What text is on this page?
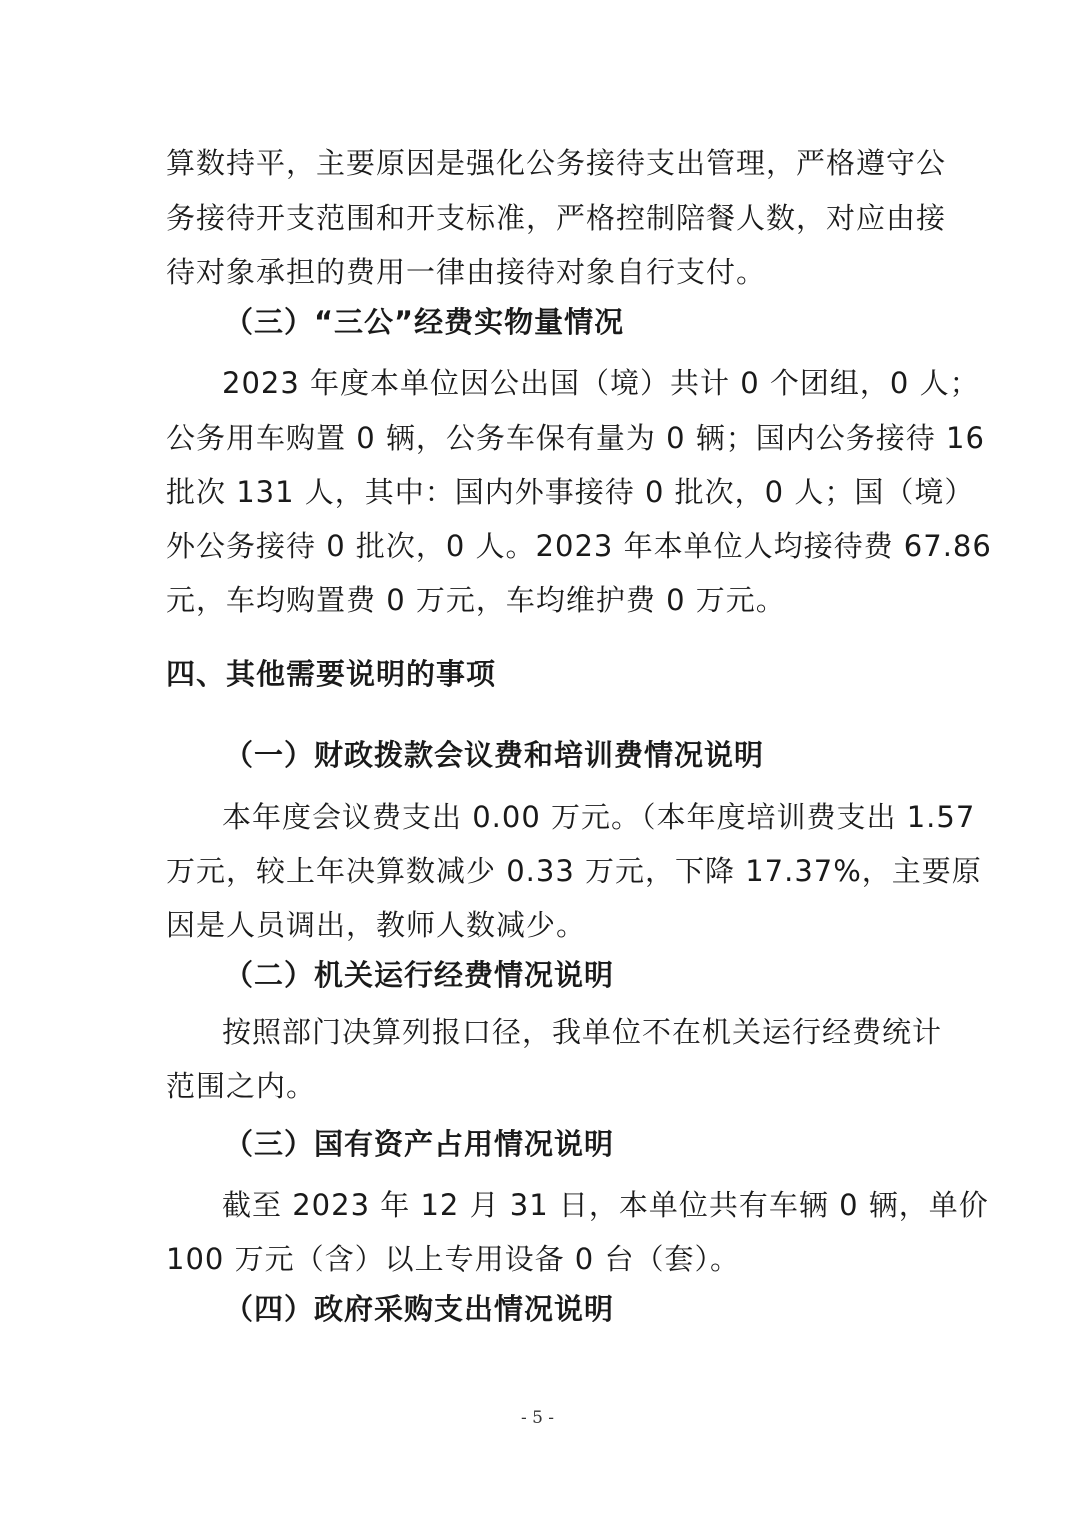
算数持平，主要原因是强化公务接待支出管理，严格遵守公
务接待开支范围和开支标准，严格控制陪餐人数，对应由接
待对象承担的费用一律由接待对象自行支付。
（三）“三公”经费实物量情况
2023 年度本单位因公出国（境）共计 0 个团组，0 人；
公务用车购置 0 辆，公务车保有量为 0 辆；国内公务接待 16
批次 131 人，其中：国内外事接待 0 批次，0 人；国（境）
外公务接待 0 批次，0 人。2023 年本单位人均接待费 67.86
元，车均购置费 0 万元，车均维护费 0 万元。
四、其他需要说明的事项
（一）财政拨款会议费和培训费情况说明
本年度会议费支出 0.00 万元。（本年度培训费支出 1.57
万元，较上年决算数减少 0.33 万元，下降 17.37%，主要原
因是人员调出，教师人数减少。
（二）机关运行经费情况说明
按照部门决算列报口径，我单位不在机关运行经费统计
范围之内。
（三）国有资产占用情况说明
截至 2023 年 12 月 31 日，本单位共有车辆 0 辆，单价
100 万元（含）以上专用设备 0 台（套）。
（四）政府采购支出情况说明
- 5 -
